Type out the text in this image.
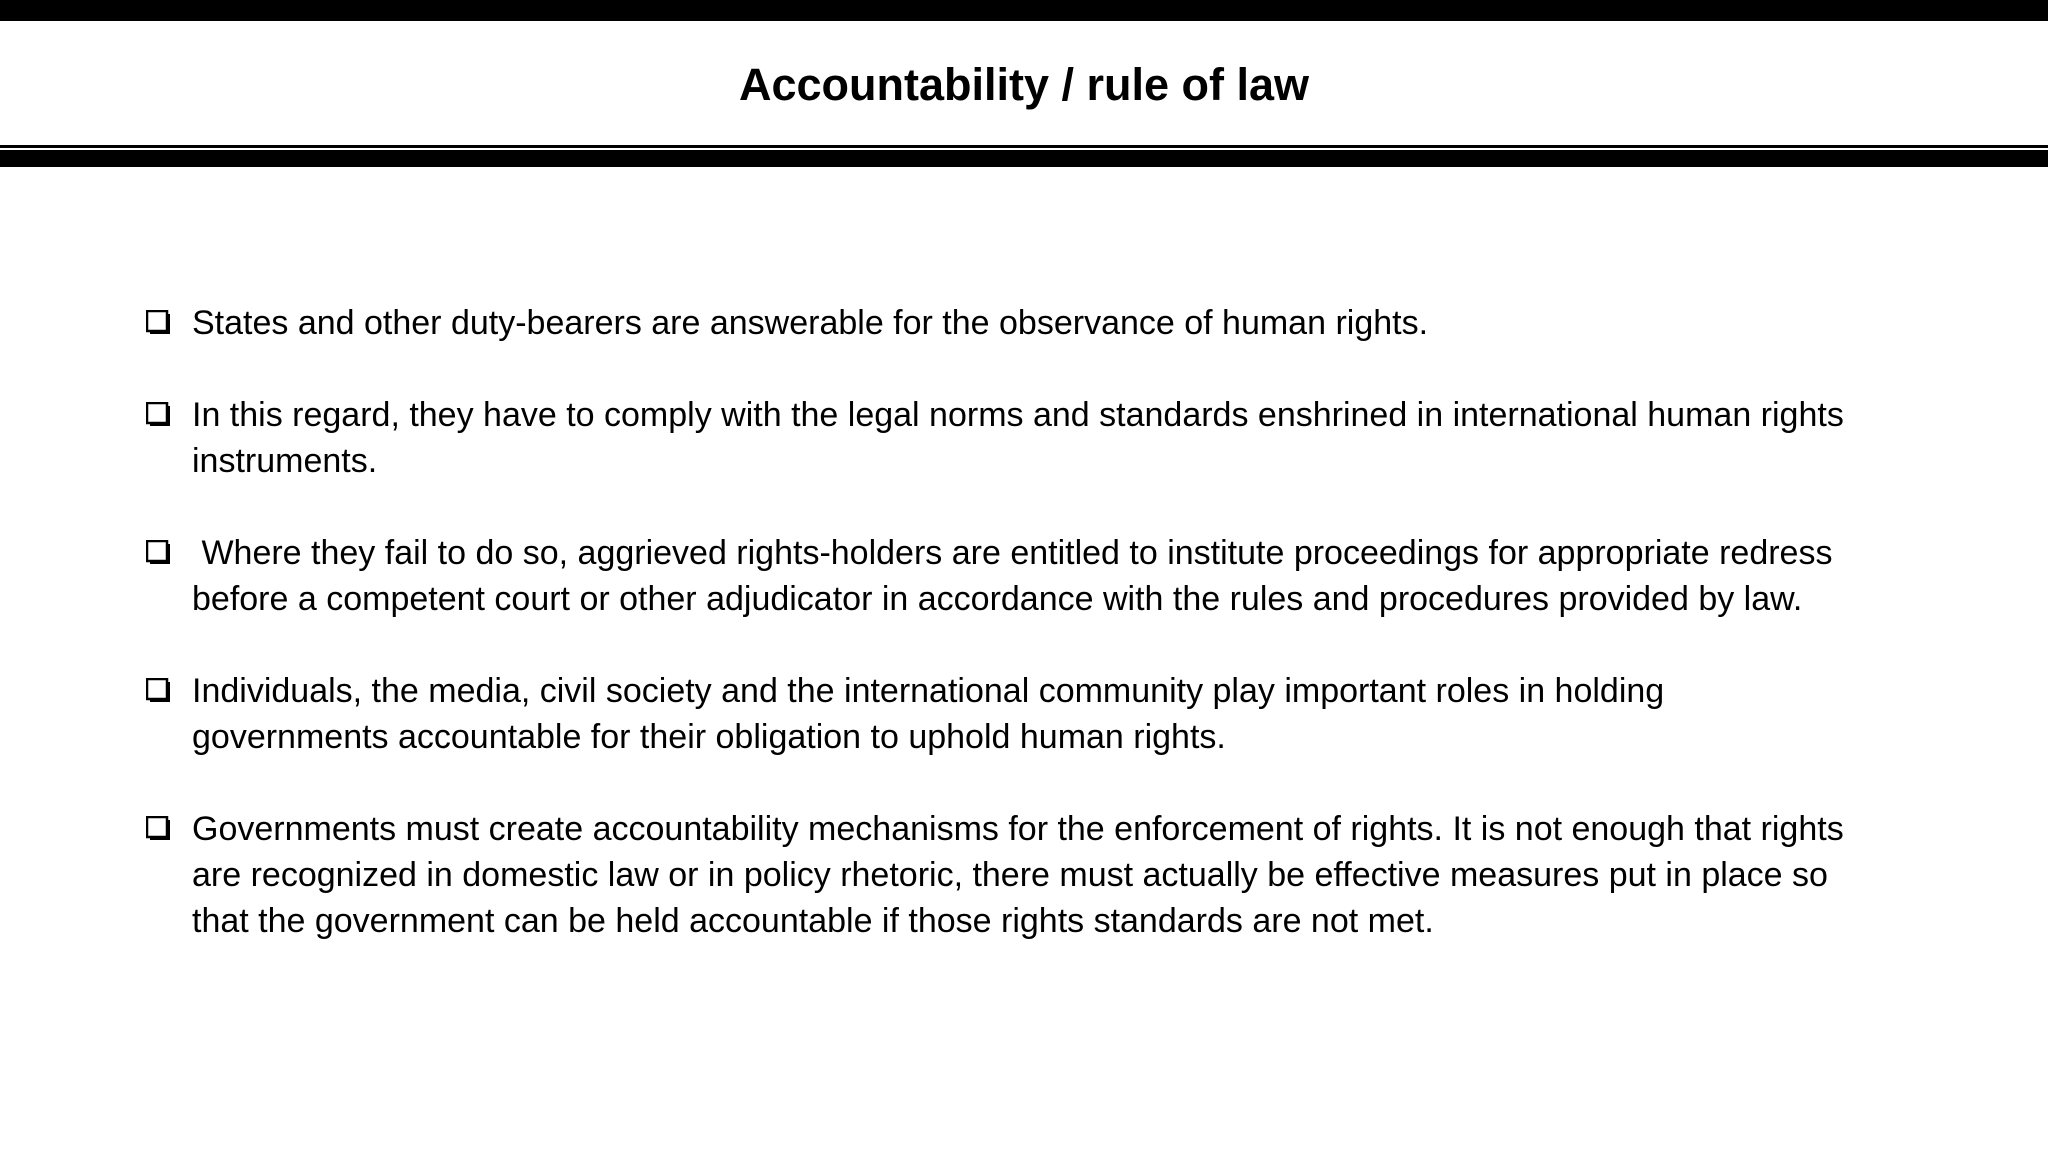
Accountability / rule of law
States and other duty-bearers are answerable for the observance of human rights.
In this regard, they have to comply with the legal norms and standards enshrined in international human rights instruments.
Where they fail to do so, aggrieved rights-holders are entitled to institute proceedings for appropriate redress before a competent court or other adjudicator in accordance with the rules and procedures provided by law.
Individuals, the media, civil society and the international community play important roles in holding governments accountable for their obligation to uphold human rights.
Governments must create accountability mechanisms for the enforcement of rights. It is not enough that rights are recognized in domestic law or in policy rhetoric, there must actually be effective measures put in place so that the government can be held accountable if those rights standards are not met.
